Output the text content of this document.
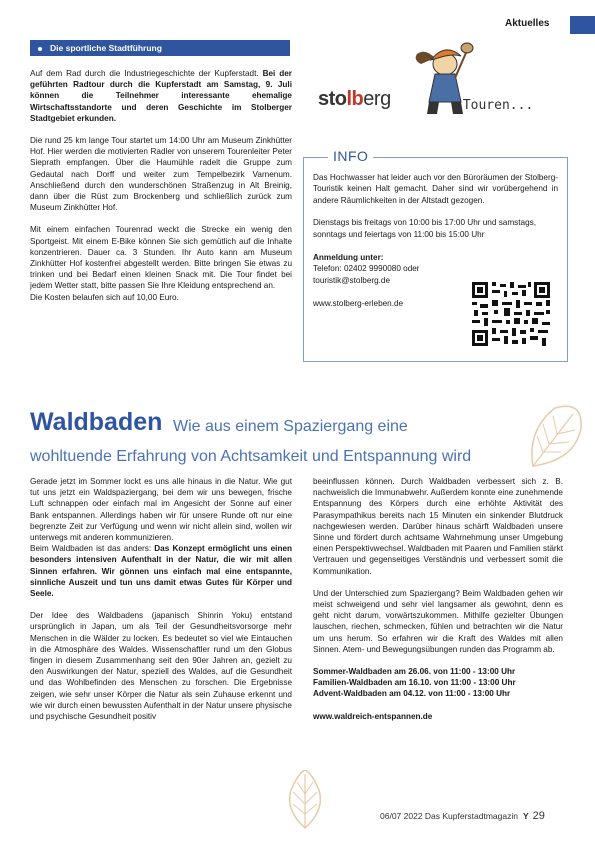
Aktuelles
Die sportliche Stadtführung

Auf dem Rad durch die Industriegeschichte der Kupferstadt. Bei der geführten Radtour durch die Kupferstadt am Samstag, 9. Juli können die Teilnehmer interessante ehemalige Wirtschaftsstandorte und deren Geschichte im Stolberger Stadtgebiet erkunden.

Die rund 25 km lange Tour startet um 14:00 Uhr am Museum Zinkhütter Hof. Hier werden die motivierten Radler von unserem Tourenleiter Peter Sieprath empfangen. Über die Haumühle radelt die Gruppe zum Gedautal nach Dorff und weiter zum Tempelbezirk Varnenum. Anschließend durch den wunderschönen Straßenzug in Alt Breinig, dann über die Rüst zum Brockenberg und schließlich zurück zum Museum Zinkhütter Hof.

Mit einem einfachen Tourenrad weckt die Strecke ein wenig den Sportgeist. Mit einem E-Bike können Sie sich gemütlich auf die Inhalte konzentrieren. Dauer ca. 3 Stunden. Ihr Auto kann am Museum Zinkhütter Hof kostenfrei abgestellt werden. Bitte bringen Sie etwas zu trinken und bei Bedarf einen kleinen Snack mit. Die Tour findet bei jedem Wetter statt, bitte passen Sie Ihre Kleidung entsprechend an.

Die Kosten belaufen sich auf 10,00 Euro.

stolberg	-Touren...
INFO

Das Hochwasser hat leider auch vor den Büroräumen der Stolberg-Touristik keinen Halt gemacht. Daher sind wir vorübergehend in andere Räumlichkeiten in der Altstadt gezogen.

Dienstags bis freitags von 10:00 bis 17:00 Uhr und samstags, sonntags und feiertags von 11:00 bis 15:00 Uhr

Anmeldung unter:

Telefon: 02402 9990080 oder

touristik@stolberg.de

www.stolberg-erleben.de

Waldbaden Wie aus einem Spaziergang eine
wohltuende Erfahrung von Achtsamkeit und Entspannung wird

Gerade jetzt im Sommer lockt es uns alle hinaus in die Natur. Wie gut tut uns jetzt ein Waldspaziergang, bei dem wir uns bewegen, frische Luft schnappen oder einfach mal im Angesicht der Sonne auf einer Bank entspannen. Allerdings haben wir für unsere Runde oft nur eine begrenzte Zeit zur Verfügung und wenn wir nicht allein sind, wollen wir unterwegs mit anderen kommunizieren.

Beim Waldbaden ist das anders: Das Konzept ermöglicht uns einen besonders intensiven Aufenthalt in der Natur, die wir mit allen Sinnen erfahren. Wir gönnen uns einfach mal eine entspannte, sinnliche Auszeit und tun uns damit etwas Gutes für Körper und Seele.

Der Idee des Waldbadens (japanisch Shinrin Yoku) entstand ursprünglich in Japan, um als Teil der Gesundheitsvorsorge mehr Menschen in die Wälder zu locken. Es bedeutet so viel wie Eintauchen in die Atmosphäre des Waldes. Wissenschaftler rund um den Globus fingen in diesem Zusammenhang seit den 90er Jahren an, gezielt zu den Auswirkungen der Natur, speziell des Waldes, auf die Gesundheit und das Wohlbefinden des Menschen zu forschen. Die Ergebnisse zeigen, wie sehr unser Körper die Natur als sein Zuhause erkennt und wie wir durch einen bewussten Aufenthalt in der Natur unsere physische und psychische Gesundheit positiv

beeinflussen können. Durch Waldbaden verbessert sich z. B. nachweislich die Immunabwehr. Außerdem konnte eine zunehmende Entspannung des Körpers durch eine erhöhte Aktivität des Parasympathikus bereits nach 15 Minuten ein sinkender Blutdruck nachgewiesen werden. Darüber hinaus schärft Waldbaden unsere Sinne und fördert durch achtsame Wahrnehmung unser Umgebung einen Perspektivwechsel. Waldbaden mit Paaren und Familien stärkt Vertrauen und gegenseitiges Verständnis und verbessert somit die Kommunikation.

Und der Unterschied zum Spaziergang? Beim Waldbaden gehen wir meist schweigend und sehr viel langsamer als gewohnt, denn es geht nicht darum, vorwärtszukommen. Mithilfe gezielter Übungen lauschen, riechen, schmecken, fühlen und betrachten wir die Natur um uns herum. So erfahren wir die Kraft des Waldes mit allen Sinnen. Atem- und Bewegungsübungen runden das Programm ab.

Sommer-Waldbaden am 26.06. von 11:00 - 13:00 Uhr

Familien-Waldbaden am 16.10. von 11:00 - 13:00 Uhr

Advent-Waldbaden am 04.12. von 11:00 - 13:00 Uhr

www.waldreich-entspannen.de

06/07 2022 Das Kupferstadtmagazin Y 29
